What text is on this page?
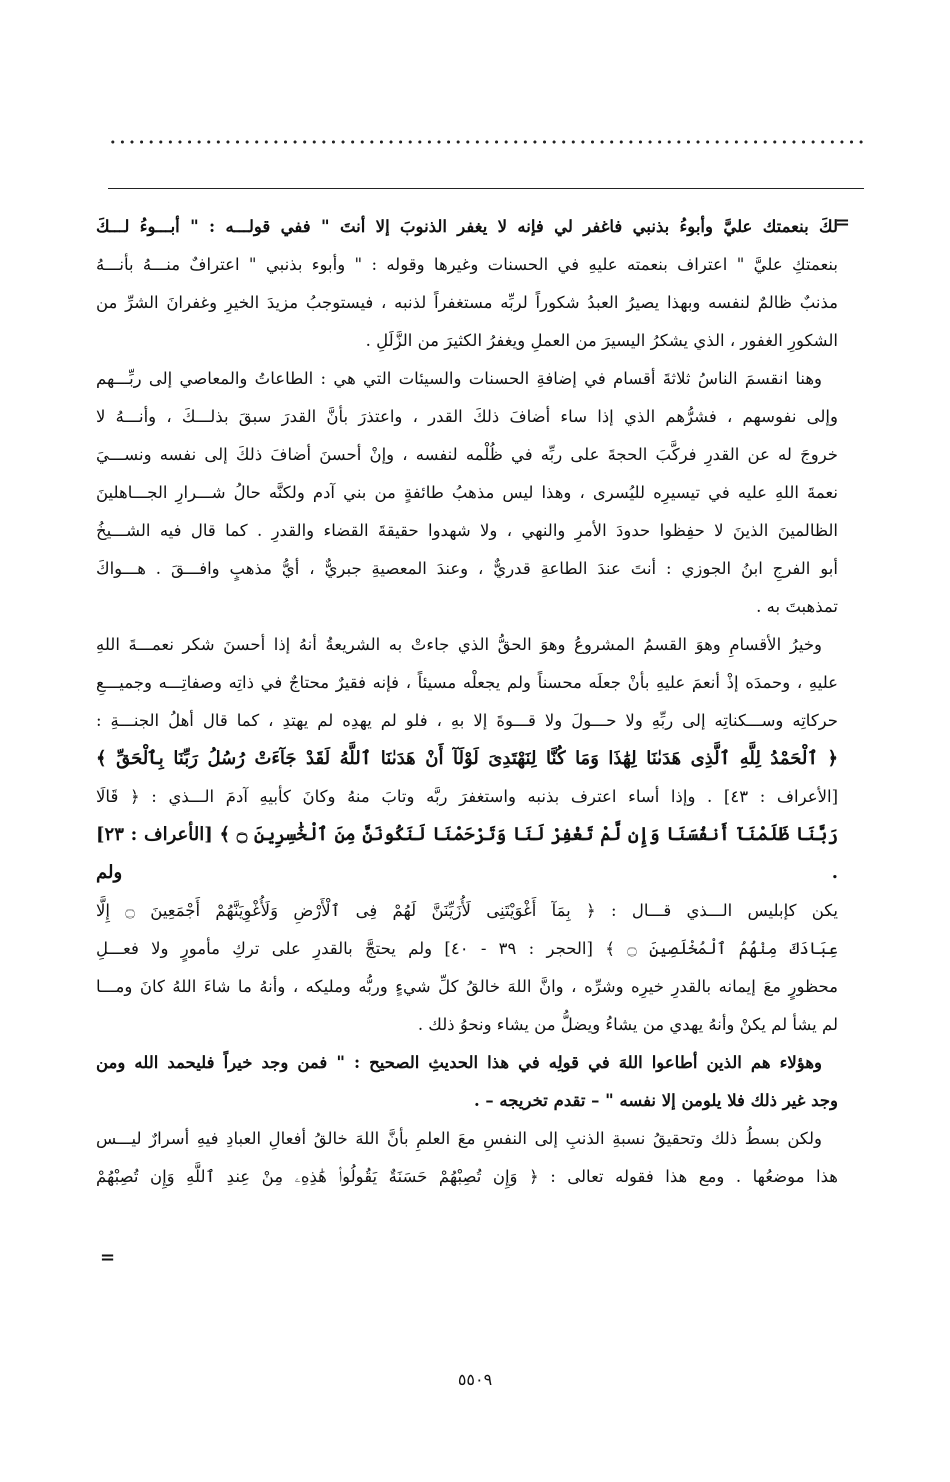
=

لكَ بنعمتك عليَّ وأبوءُ بذنبي فاغفر لي فإنه لا يغفر الذنوبَ إلا أنتَ " ففي قولـــه : " أبـــوءُ لـــكَ

بنعمتكِ عليَّ " اعتراف بنعمته عليهِ في الحسنات وغيرها وقوله : " وأبوء بذنبي " اعترافٌ منـــهُ بأنـــهُ

مذنبٌ ظالمٌ لنفسه وبهذا يصيرُ العبدُ شكوراً لربِّه مستغفراً لذنبه ، فيستوجبُ مزيدَ الخيرِ وغفرانَ الشرِّ من

الشكورِ الغفور ، الذي يشكرُ اليسيرَ من العملِ ويغفرُ الكثيرَ من الزَّلَلِ .

وهنا انقسمَ الناسُ ثلاثةَ أقسام في إضافةِ الحسنات والسيئات التي هي : الطاعاتُ والمعاصي إلى ربِّـــهم

وإلى نفوسهم ، فشرُّهم الذي إذا ساء أضافَ ذلكَ القدر ، واعتذرَ بأنَّ القدرَ سبقَ بذلـــكَ ، وأنـــهُ لا

خروجَ له عن القدرِ فركَّبَ الحجةَ على ربِّه في ظُلْمه لنفسه ، وإنْ أحسنَ أضافَ ذلكَ إلى نفسه ونســـيَ

نعمةَ اللهِ عليه في تيسيرِه لليُسرى ، وهذا ليس مذهبُ طائفةٍ من بني آدم ولكنَّه حالُ شـــرارِ الجـــاهلينَ

الظالمينَ الذينَ لا حفِظوا حدودَ الأمرِ والنهي ، ولا شهدوا حقيقةَ القضاء والقدرِ . كما قال فيه الشـــيخُ

أبو الفرجِ ابنُ الجوزي : أنتَ عندَ الطاعةِ قدريٌّ ، وعندَ المعصيةِ جبريٌّ ، أيُّ مذهبٍ وافـــقَ . هـــواكَ

تمذهبتَ به .

وخيرُ الأقسامِ وهوَ القسمُ المشروعُ وهوَ الحقُّ الذي جاءتْ به الشريعةُ أنهُ إذا أحسنَ شكر نعمـــةَ اللهِ

عليهِ ، وحمدَه إذْ أنعمَ عليهِ بأنْ جعلَه محسناً ولم يجعلْه مسيئاً ، فإنه فقيرٌ محتاجٌ في ذاتِه وصفاتِـــه وجميـــعِ

حركاتِه وســـكناتِه إلى ربِّهِ ولا حـــولَ ولا قـــوةَ إلا بهِ ، فلو لم يهدِه لم يهتدِ ، كما قال أهلُ الجنـــةِ :

﴿ ٱلْحَمْدُ لِلَّهِ ٱلَّذِى هَدَىٰنَا لِهَٰذَا وَمَا كُنَّا لِنَهْتَدِىَ لَوْلَآ أَنْ هَدَىٰنَا ٱللَّهُ لَقَدْ جَآءَتْ رُسُلُ رَبِّنَا بِٱلْحَقِّ ﴾

[الأعراف : ٤٣] . وإذا أساء اعترف بذنبه واستغفرَ ربَّه وتابَ منهُ وكانَ كأبيهِ آدمَ الـــذي : ﴿ قَالَا

رَبَّنَا ظَلَمْنَآ أَنفُسَنَا وَإِن لَّمْ تَغْفِرْ لَنَا وَتَرْحَمْنَا لَنَكُونَنَّ مِنَ ٱلْخَٰسِرِينَ ۝ ﴾ [الأعراف : ٢٣] . ولم

يكن كإبليس الـــذي قـــال : ﴿ بِمَآ أَغْوَيْتَنِى لَأُزَيِّنَنَّ لَهُمْ فِى ٱلْأَرْضِ وَلَأُغْوِيَنَّهُمْ أَجْمَعِينَ ۝ إِلَّا

عِبَادَكَ مِنْهُمُ ٱلْمُخْلَصِينَ ۝ ﴾ [الحجر : ٣٩ - ٤٠] ولم يحتجَّ بالقدرِ على تركِ مأمورٍ ولا فعـــلِ

محظورٍ معَ إيمانه بالقدرِ خيرِه وشرِّه ، وانَّ اللهَ خالقُ كلِّ شيءٍ وربُّه ومليكه ، وأنهُ ما شاءَ اللهُ كانَ ومـــا

لم يشأ لم يكنْ وأنهُ يهدي من يشاءُ ويضلُّ من يشاء ونحوُ ذلك .

وهؤلاء هم الذين أطاعوا اللهَ في قولِه في هذا الحديثِ الصحيح : " فمن وجد خيراً فليحمد الله ومن

وجد غير ذلك فلا يلومن إلا نفسه " – تقدم تخريجه – .

ولكن بسطُ ذلك وتحقيقُ نسبةِ الذنبِ إلى النفسِ معَ العلمِ بأنَّ اللهَ خالقُ أفعالِ العبادِ فيهِ أسرارٌ ليـــس

هذا موضعُها . ومع هذا فقوله تعالى : ﴿ وَإِن تُصِبْهُمْ حَسَنَةٌ يَقُولُوا۟ هَٰذِهِۦ مِنْ عِندِ ٱللَّهِ وَإِن تُصِبْهُمْ

=
٥٥٠٩
